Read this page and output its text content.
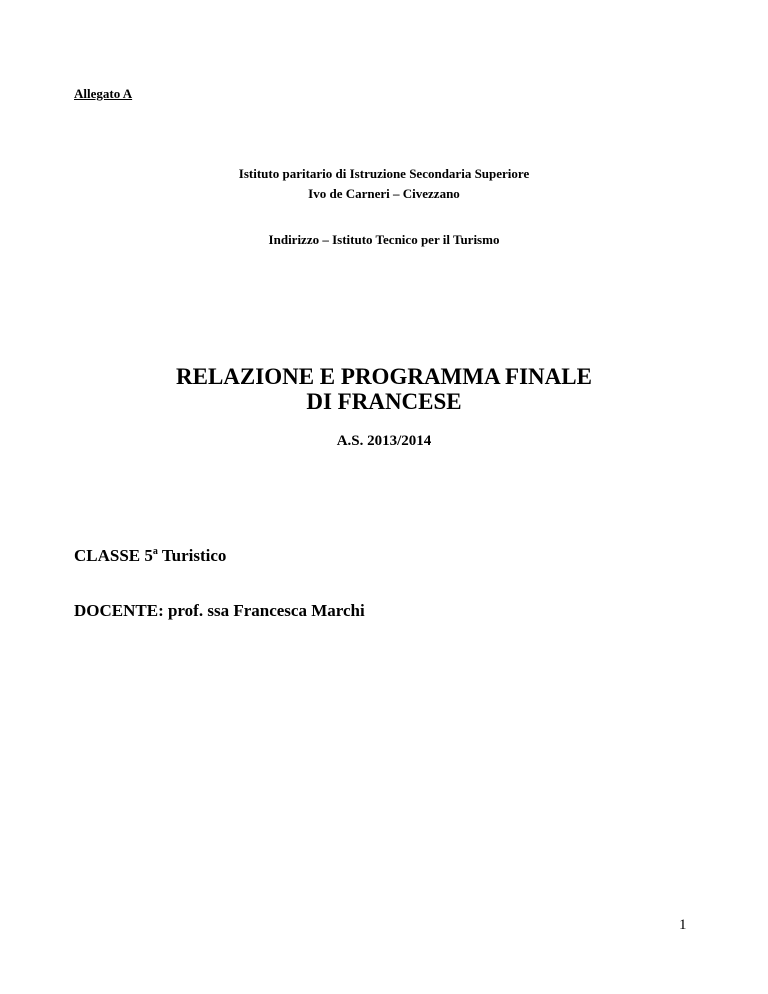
Allegato A
Istituto paritario di Istruzione Secondaria Superiore
Ivo de Carneri – Civezzano
Indirizzo – Istituto Tecnico per il Turismo
RELAZIONE E PROGRAMMA FINALE
DI FRANCESE
A.S. 2013/2014
CLASSE 5$^a$ Turistico
DOCENTE: prof. ssa Francesca Marchi
1
